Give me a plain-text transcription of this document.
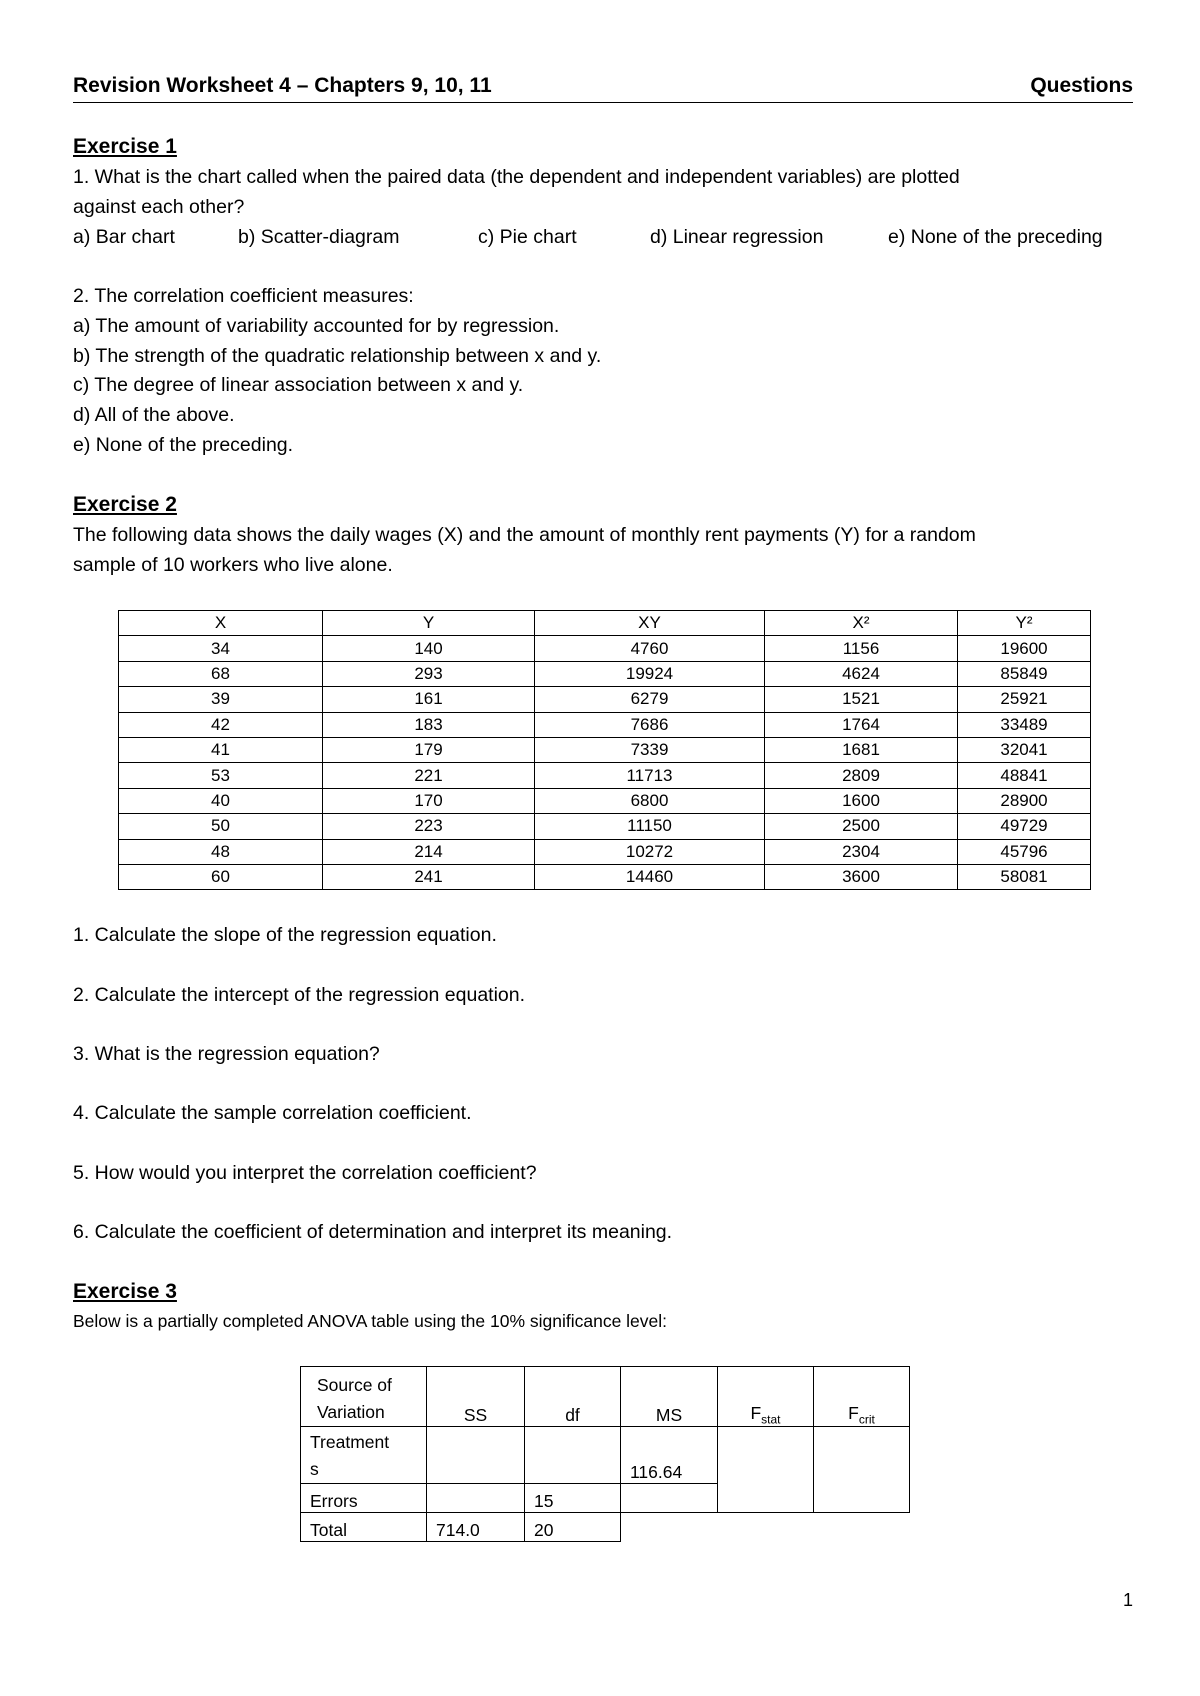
Revision Worksheet 4 – Chapters 9, 10, 11	Questions
Exercise 1
1. What is the chart called when the paired data (the dependent and independent variables) are plotted
against each other?
a) Bar chart	b) Scatter-diagram	c) Pie chart	d) Linear regression	e) None of the preceding
2. The correlation coefficient measures:
a) The amount of variability accounted for by regression.
b) The strength of the quadratic relationship between x and y.
c) The degree of linear association between x and y.
d) All of the above.
e) None of the preceding.
Exercise 2
The following data shows the daily wages (X) and the amount of monthly rent payments (Y) for a random
sample of 10 workers who live alone.
X	Y	XY	X²	Y²
34	140	4760	1156	19600
68	293	19924	4624	85849
39	161	6279	1521	25921
42	183	7686	1764	33489
41	179	7339	1681	32041
53	221	11713	2809	48841
40	170	6800	1600	28900
50	223	11150	2500	49729
48	214	10272	2304	45796
60	241	14460	3600	58081
1. Calculate the slope of the regression equation.
2. Calculate the intercept of the regression equation.
3. What is the regression equation?
4. Calculate the sample correlation coefficient.
5. How would you interpret the correlation coefficient?
6. Calculate the coefficient of determination and interpret its meaning.
Exercise 3
Below is a partially completed ANOVA table using the 10% significance level:
Source of
Variation	SS	df	MS	$F_{stat}$	$F_{crit}$
Treatment
s			116.64		
Errors		15			
Total	714.0	20			
1
